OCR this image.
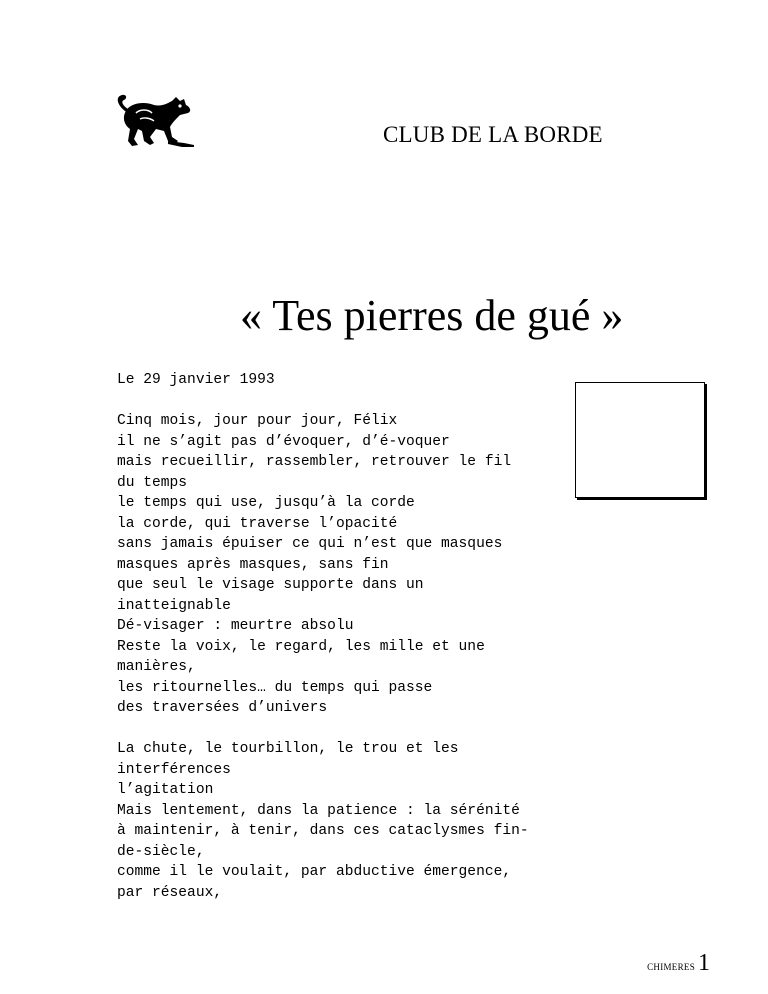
CLUB DE LA BORDE
« Tes pierres de gué »
Le 29 janvier 1993
Cinq mois, jour pour jour, Félix
il ne s’agit pas d’évoquer, d’é-voquer
mais recueillir, rassembler, retrouver le fil
du temps
le temps qui use, jusqu’à la corde
la corde, qui traverse l’opacité
sans jamais épuiser ce qui n’est que masques
masques après masques, sans fin
que seul le visage supporte dans un
inatteignable
Dé-visager : meurtre absolu
Reste la voix, le regard, les mille et une
manières,
les ritournelles… du temps qui passe
des traversées d’univers
La chute, le tourbillon, le trou et les
interférences
l’agitation
Mais lentement, dans la patience : la sérénité
à maintenir, à tenir, dans ces cataclysmes fin-
de-siècle,
comme il le voulait, par abductive émergence,
par réseaux,
CHIMERES 1
